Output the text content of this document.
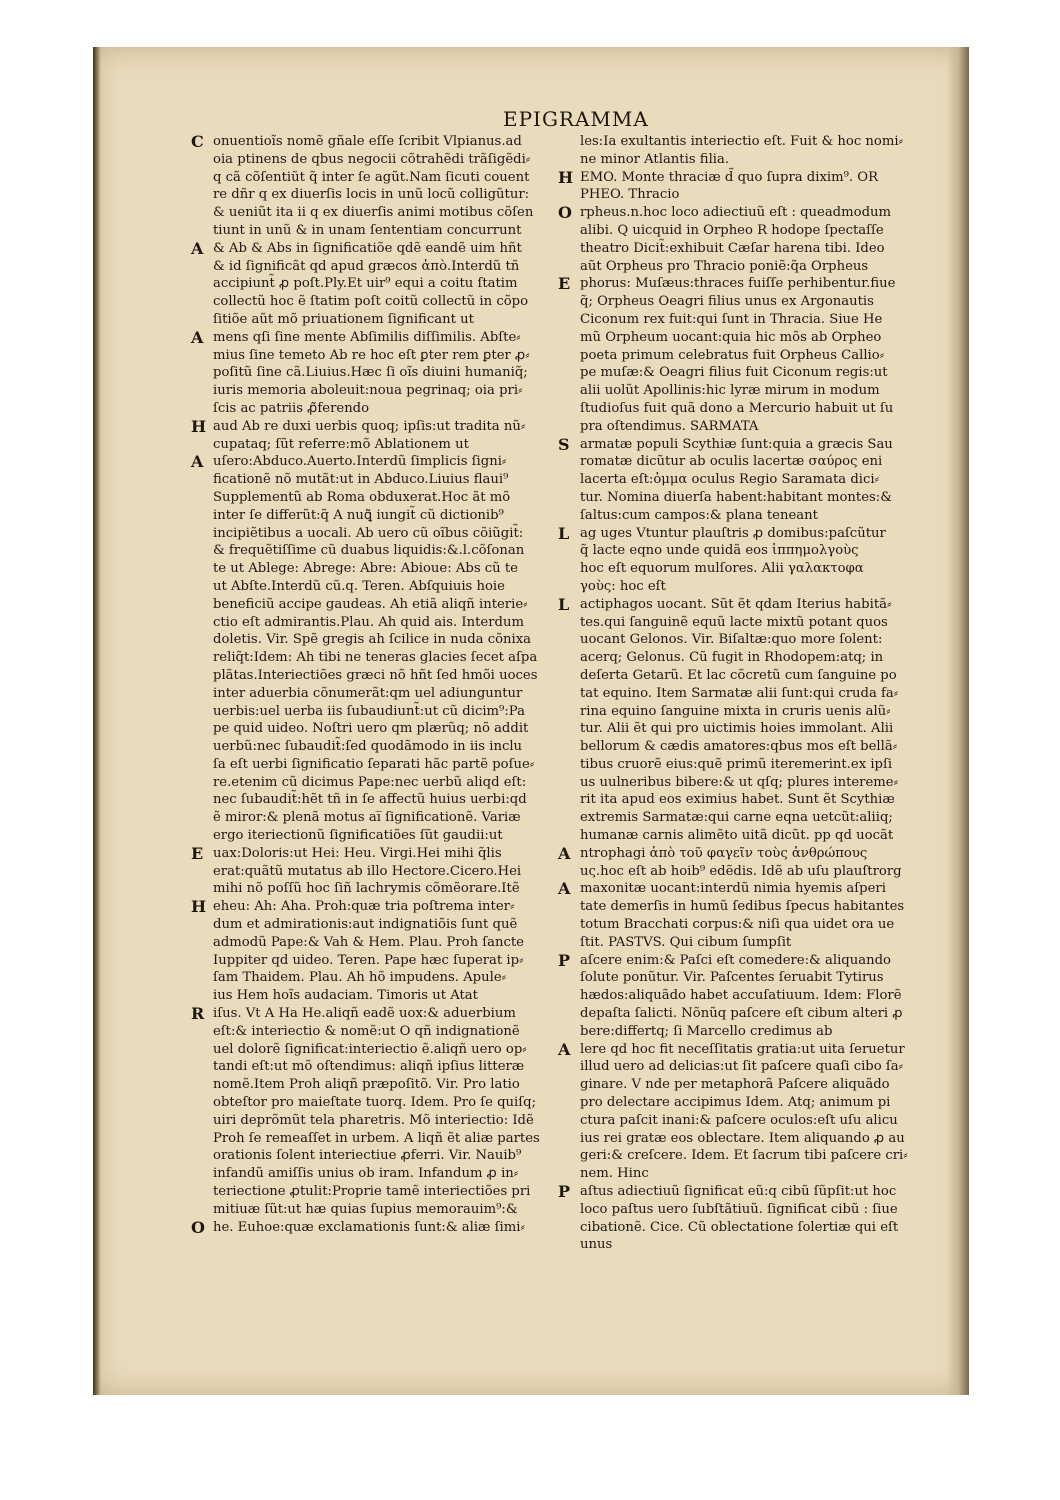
EPIGRAMMA
C onuentioĩs nomẽ gñale eſſe ſcribit Vlpianus.ad
oia ptinens de qbus negocii cõtrahẽdi trãſigẽdi⸗
q cã cõſentiũt q̃ inter ſe agũt.Nam ſicuti couent
re dñr q ex diuerſis locis in unũ locũ colligũtur:
& ueniũt ita ii q ex diuerſis animi motibus cõſen
tiunt in unũ & in unam ſententiam concurrunt
A & Ab & Abs in ſignificatiõe qdẽ eandẽ uim hñt
& id ſignificãt qd apud græcos ἀπὸ.Interdũ tñ
accipiunt̃ ꝓ poſt.Ply.Et uir⁹ equi a coitu ſtatim
collectũ hoc ẽ ſtatim poſt coitũ collectũ in cõpo
ſitiõe aũt mõ priuationem ſignificant ut
A mens qſi ſine mente Abſimilis diſſimilis. Abſte⸗
mius ſine temeto Ab re hoc eſt ꝑter rem ꝑter ꝓ⸗
poſitũ ſine cã.Liuius.Hæc ſi oĩs diuini humaniq̃;
iuris memoria aboleuit:noua pegrinaq; oia pri⸗
ſcis ac patriis ꝓ̃ferendo
H aud Ab re duxi uerbis quoq; ipſis:ut tradita nũ⸗
cupataq; ſũt referre:mõ Ablationem ut
A uſero:Abduco.Auerto.Interdũ ſimplicis ſigni⸗
ficationẽ nõ mutãt:ut in Abduco.Liuius flaui⁹
Supplementũ ab Roma obduxerat.Hoc ãt mõ
inter ſe differũt:q̃ A nuꝗ̃ iungit̃ cũ dictionib⁹
incipiẽtibus a uocali. Ab uero cũ oĩbus cõiũgit̃:
& frequẽtiſſime cũ duabus liquidis:&.l.cõſonan
te ut Ablege: Abrege: Abre: Abioue: Abs cũ te
ut Abſte.Interdũ cũ.q. Teren. Abſquiuis hoie
beneficiũ accipe gaudeas. Ah etiã aliqñ interie⸗
ctio eſt admirantis.Plau. Ah quid ais. Interdum
doletis. Vir. Spẽ gregis ah ſcilice in nuda cõnixa
reliq̃t:Idem: Ah tibi ne teneras glacies ſecet aſpa
plãtas.Interiectiões græci nõ hñt ſed hmõi uoces
inter aduerbia cõnumerãt:qm uel adiunguntur
uerbis:uel uerba iis ſubaudiunt̃:ut cũ dicim⁹:Pa
pe quid uideo. Noſtri uero qm plærũq; nõ addit
uerbũ:nec ſubaudit̃:ſed quodãmodo in iis inclu
ſa eſt uerbi ſignificatio ſeparati hãc partẽ poſue⸗
re.etenim cũ dicimus Pape:nec uerbũ aliqd eſt:
nec ſubaudit̃:hẽt tñ in ſe affectũ huius uerbi:qd
ẽ miror:& plenã motus ai̅ ſignificationẽ. Variæ
ergo iteriectionũ ſignificatiões ſũt gaudii:ut
E uax:Doloris:ut Hei: Heu. Virgi.Hei mihi q̃lis
erat:quãtũ mutatus ab illo Hectore.Cicero.Hei
mihi nõ poſſũ hoc ſiñ lachrymis cõmẽorare.Itẽ
H eheu: Ah: Aha. Proh:quæ tria poſtrema inter⸗
dum et admirationis:aut indignatiõis ſunt quẽ
admodũ Pape:& Vah & Hem. Plau. Proh ſancte
Iuppiter qd uideo. Teren. Pape hæc ſuperat ip⸗
ſam Thaidem. Plau. Ah hõ impudens. Apule⸗
ius Hem hoĩs audaciam. Timoris ut Atat
R iſus. Vt A Ha He.aliqñ eadẽ uox:& aduerbium
eſt:& interiectio & nomẽ:ut O qñ indignationẽ
uel dolorẽ ſignificat:interiectio ẽ.aliqñ uero op⸗
tandi eſt:ut mõ oſtendimus: aliqñ ipſius litteræ
nomẽ.Item Proh aliqñ præpoſitõ. Vir. Pro latio
obteſtor pro maieſtate tuorq. Idem. Pro ſe quiſq;
uiri deprõmũt tela pharetris. Mõ interiectio: Idẽ
Proh ſe remeaſſet in urbem. A liqñ ẽt aliæ partes
orationis ſolent interiectiue ꝓferri. Vir. Nauib⁹
infandũ amiſſis unius ob iram. Infandum ꝓ in⸗
teriectione ꝓtulit:Proprie tamẽ interiectiões pri
mitiuæ ſũt:ut hæ quias ſupius memorauim⁹:&
O he. Euhoe:quæ exclamationis ſunt:& aliæ ſimi⸗
les:Ia exultantis interiectio eſt. Fuit & hoc nomi⸗
ne minor Atlantis filia.
H EMO. Monte thraciæ d̃ quo ſupra dixim⁹. OR
PHEO. Thracio
O rpheus.n.hoc loco adiectiuũ eſt : queadmodum
alibi. Q uicquid in Orpheo R hodope ſpectaſſe
theatro Dicit̃:exhibuit Cæſar harena tibi. Ideo
aũt Orpheus pro Thracio poniẽ:q̃a Orpheus
E phorus: Muſæus:thraces fuiſſe perhibentur.fiue
q̃; Orpheus Oeagri filius unus ex Argonautis
Ciconum rex fuit:qui ſunt in Thracia. Siue He
mũ Orpheum uocant:quia hic mõs ab Orpheo
poeta primum celebratus fuit Orpheus Callio⸗
pe muſæ:& Oeagri filius fuit Ciconum regis:ut
alii uolũt Apollinis:hic lyræ mirum in modum
ſtudioſus fuit quã dono a Mercurio habuit ut ſu
pra oſtendimus. SARMATA
S armatæ populi Scythiæ ſunt:quia a græcis Sau
romatæ dicũtur ab oculis lacertæ σαύρος eni
lacerta eſt:ὀμμα oculus Regio Saramata dici⸗
tur. Nomina diuerſa habent:habitant montes:&
ſaltus:cum campos:& plana teneant
L ag uges Vtuntur plauſtris ꝓ domibus:paſcũtur
q̃ lacte eqno unde quidã eos ἱππημολγοὺς
hoc eſt equorum mulſores. Alii γαλακτοφα
γοὺς: hoc eſt
L actiphagos uocant. Sũt ẽt qdam Iterius habitã⸗
tes.qui ſanguinẽ equũ lacte mixtũ potant quos
uocant Gelonos. Vir. Biſaltæ:quo more ſolent:
acerq; Gelonus. Cũ fugit in Rhodopem:atq; in
deſerta Getarũ. Et lac cõcretũ cum ſanguine po
tat equino. Item Sarmatæ alii ſunt:qui cruda fa⸗
rina equino ſanguine mixta in cruris uenis alũ⸗
tur. Alii ẽt qui pro uictimis hoies immolant. Alii
bellorum & cædis amatores:qbus mos eſt bellã⸗
tibus cruorẽ eius:quẽ primũ iteremerint.ex ipſi
us uulneribus bibere:& ut qſq; plures intereme⸗
rit ita apud eos eximius habet. Sunt ẽt Scythiæ
extremis Sarmatæ:qui carne eqna uetcũt:aliiq;
humanæ carnis alimẽto uitã dicũt. pp qd uocãt
A ntrophagi ἀπὸ τοῦ φαγεῖν τοὺς ἀνθρώπους
uς.hoc eſt ab hoib⁹ edẽdis. Idẽ ab uſu plauſtrorg
A maxonitæ uocant:interdũ nimia hyemis aſperi
tate demerſis in humũ ſedibus ſpecus habitantes
totum Bracchati corpus:& niſi qua uidet ora ue
ſtit. PASTVS. Qui cibum ſumpſit
P aſcere enim:& Paſci eſt comedere:& aliquando
ſolute ponũtur. Vir. Paſcentes ſeruabit Tytirus
hædos:aliquãdo habet accuſatiuum. Idem: Florẽ
depaſta ſalicti. Nõnũq paſcere eſt cibum alteri ꝓ
bere:differtq; ſi Marcello credimus ab
A lere qd hoc fit neceſſitatis gratia:ut uita ſeruetur
illud uero ad delicias:ut ſit paſcere quaſi cibo ſa⸗
ginare. V nde per metaphorã Paſcere aliquãdo
pro delectare accipimus Idem. Atq; animum pi
ctura paſcit inani:& paſcere oculos:eſt uſu alicu
ius rei gratæ eos oblectare. Item aliquando ꝓ au
geri:& creſcere. Idem. Et ſacrum tibi paſcere cri⸗
nem. Hinc
P aſtus adiectiuũ ſignificat eũ:q cibũ ſũpſit:ut hoc
loco paſtus uero ſubſtãtiuũ. ſignificat cibũ : ſiue
cibationẽ. Cice. Cũ oblectatione ſolertiæ qui eſt
unus
